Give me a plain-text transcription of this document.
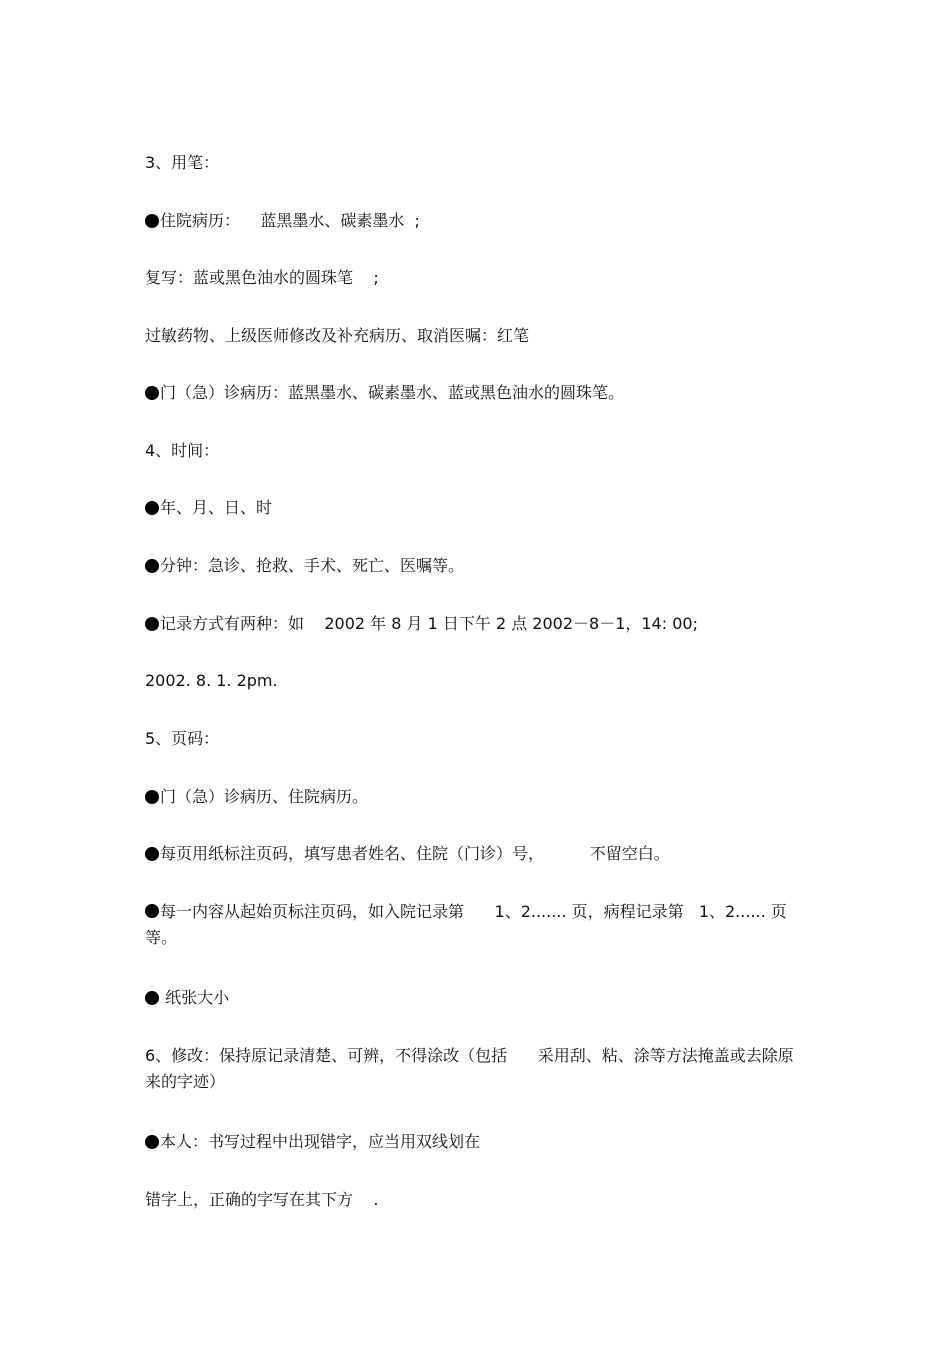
3、用笔：
住院病历：    蓝黑墨水、碳素墨水  ;
复写：蓝或黑色油水的圆珠笔    ;
过敏药物、上级医师修改及补充病历、取消医嘱：红笔
门（急）诊病历：蓝黑墨水、碳素墨水、蓝或黑色油水的圆珠笔。
4、时间：
年、月、日、时
分钟：急诊、抢救、手术、死亡、医嘱等。
记录方式有两种：如    2002 年 8 月 1 日下午 2 点 2002－8－1，14: 00;
2002. 8. 1. 2pm.
5、页码：
门（急）诊病历、住院病历。
每页用纸标注页码，填写患者姓名、住院（门诊）号，         不留空白。
每一内容从起始页标注页码，如入院记录第      1、2....... 页，病程记录第   1、2...... 页等。
纸张大小
6、修改：保持原记录清楚、可辨，不得涂改（包括      采用刮、粘、涂等方法掩盖或去除原来的字迹）
本人：书写过程中出现错字，应当用双线划在
错字上，正确的字写在其下方    .
